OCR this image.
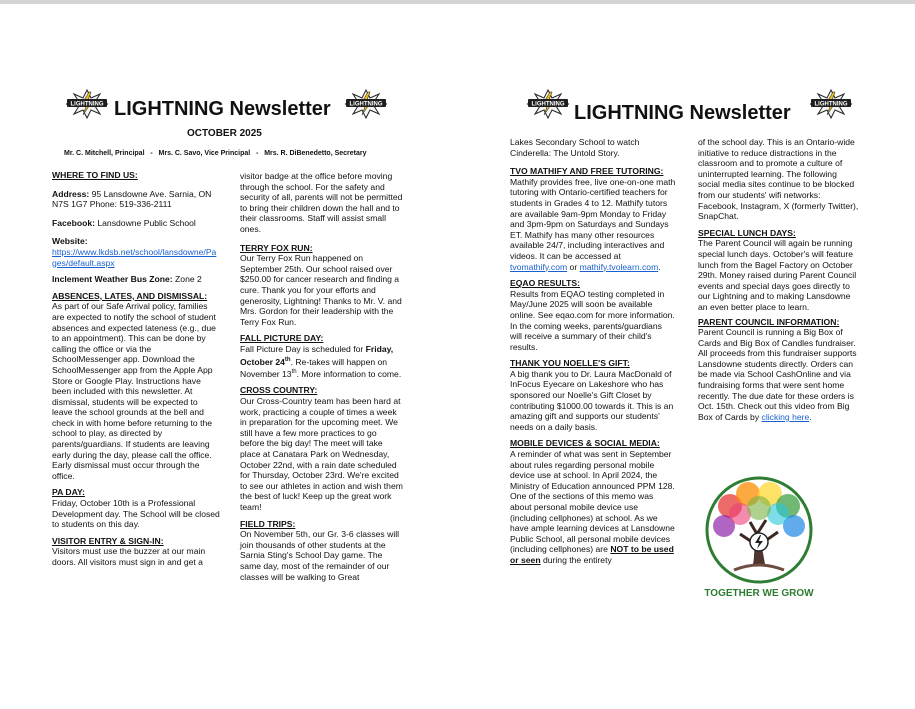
LIGHTNING LIGHTNING Newsletter	LIGHTNING
OCTOBER 2025
Mr. C. Mitchell, Principal   -   Mrs. C. Savo, Vice Principal   -   Mrs. R. DiBenedetto, Secretary
WHERE TO FIND US:

Address: 95 Lansdowne Ave. Sarnia, ON N7S 1G7 Phone: 519-336-2111

Facebook: Lansdowne Public School

Website:

https://www.lkdsb.net/school/lansdowne/Pages/default.aspx

Inclement Weather Bus Zone: Zone 2

ABSENCES, LATES, AND DISMISSAL:

As part of our Safe Arrival policy, families are expected to notify the school of student absences and expected lateness (e.g., due to an appointment). This can be done by calling the office or via the SchoolMessenger app. Download the SchoolMessenger app from the Apple App Store or Google Play. Instructions have been included with this newsletter. At dismissal, students will be expected to leave the school grounds at the bell and check in with home before returning to the school to play, as directed by parents/guardians. If students are leaving early during the day, please call the office. Early dismissal must occur through the office.

PA DAY:

Friday, October 10th is a Professional Development day. The School will be closed to students on this day.

VISITOR ENTRY & SIGN-IN:

Visitors must use the buzzer at our main doors. All visitors must sign in and get a

visitor badge at the office before moving through the school. For the safety and security of all, parents will not be permitted to bring their children down the hall and to their classrooms. Staff will assist small ones.

TERRY FOX RUN:

Our Terry Fox Run happened on September 25th. Our school raised over $250.00 for cancer research and finding a cure. Thank you for your efforts and generosity, Lightning! Thanks to Mr. V. and Mrs. Gordon for their leadership with the Terry Fox Run.

FALL PICTURE DAY:

Fall Picture Day is scheduled for Friday, October 24th. Re-takes will happen on November 13th. More information to come.

CROSS COUNTRY:

Our Cross-Country team has been hard at work, practicing a couple of times a week in preparation for the upcoming meet. We still have a few more practices to go before the big day! The meet will take place at Canatara Park on Wednesday, October 22nd, with a rain date scheduled for Thursday, October 23rd. We're excited to see our athletes in action and wish them the best of luck! Keep up the great work team!

FIELD TRIPS:

On November 5th, our Gr. 3-6 classes will join thousands of other students at the Sarnia Sting's School Day game. The same day, most of the remainder of our classes will be walking to Great

LIGHTNING LIGHTNING Newsletter	LIGHTNING

Lakes Secondary School to watch Cinderella: The Untold Story.

TVO MATHIFY AND FREE TUTORING:

Mathify provides free, live one-on-one math tutoring with Ontario-certified teachers for students in Grades 4 to 12. Mathify tutors are available 9am-9pm Monday to Friday and 3pm-9pm on Saturdays and Sundays ET. Mathify has many other resources available 24/7, including interactives and videos. It can be accessed at tvomathify.com or mathify.tvolearn.com.

EQAO RESULTS:

Results from EQAO testing completed in May/June 2025 will soon be available online. See eqao.com for more information. In the coming weeks, parents/guardians will receive a summary of their child's results.

THANK YOU NOELLE'S GIFT:

A big thank you to Dr. Laura MacDonald of InFocus Eyecare on Lakeshore who has sponsored our Noelle's Gift Closet by contributing $1000.00 towards it. This is an amazing gift and supports our students' needs on a daily basis.

MOBILE DEVICES & SOCIAL MEDIA:

A reminder of what was sent in September about rules regarding personal mobile device use at school. In April 2024, the Ministry of Education announced PPM 128. One of the sections of this memo was about personal mobile device use (including cellphones) at school. As we have ample learning devices at Lansdowne Public School, all personal mobile devices (including cellphones) are NOT to be used or seen during the entirety

of the school day. This is an Ontario-wide initiative to reduce distractions in the classroom and to promote a culture of uninterrupted learning. The following social media sites continue to be blocked from our students' wifi networks: Facebook, Instagram, X (formerly Twitter), SnapChat.

SPECIAL LUNCH DAYS:

The Parent Council will again be running special lunch days. October's will feature lunch from the Bagel Factory on October 29th. Money raised during Parent Council events and special days goes directly to our Lightning and to making Lansdowne an even better place to learn.

PARENT COUNCIL INFORMATION:

Parent Council is running a Big Box of Cards and Big Box of Candles fundraiser. All proceeds from this fundraiser supports Lansdowne students directly. Orders can be made via School CashOnline and via fundraising forms that were sent home recently. The due date for these orders is Oct. 15th. Check out this video from Big Box of Cards by clicking here.

TOGETHER WE GROW
